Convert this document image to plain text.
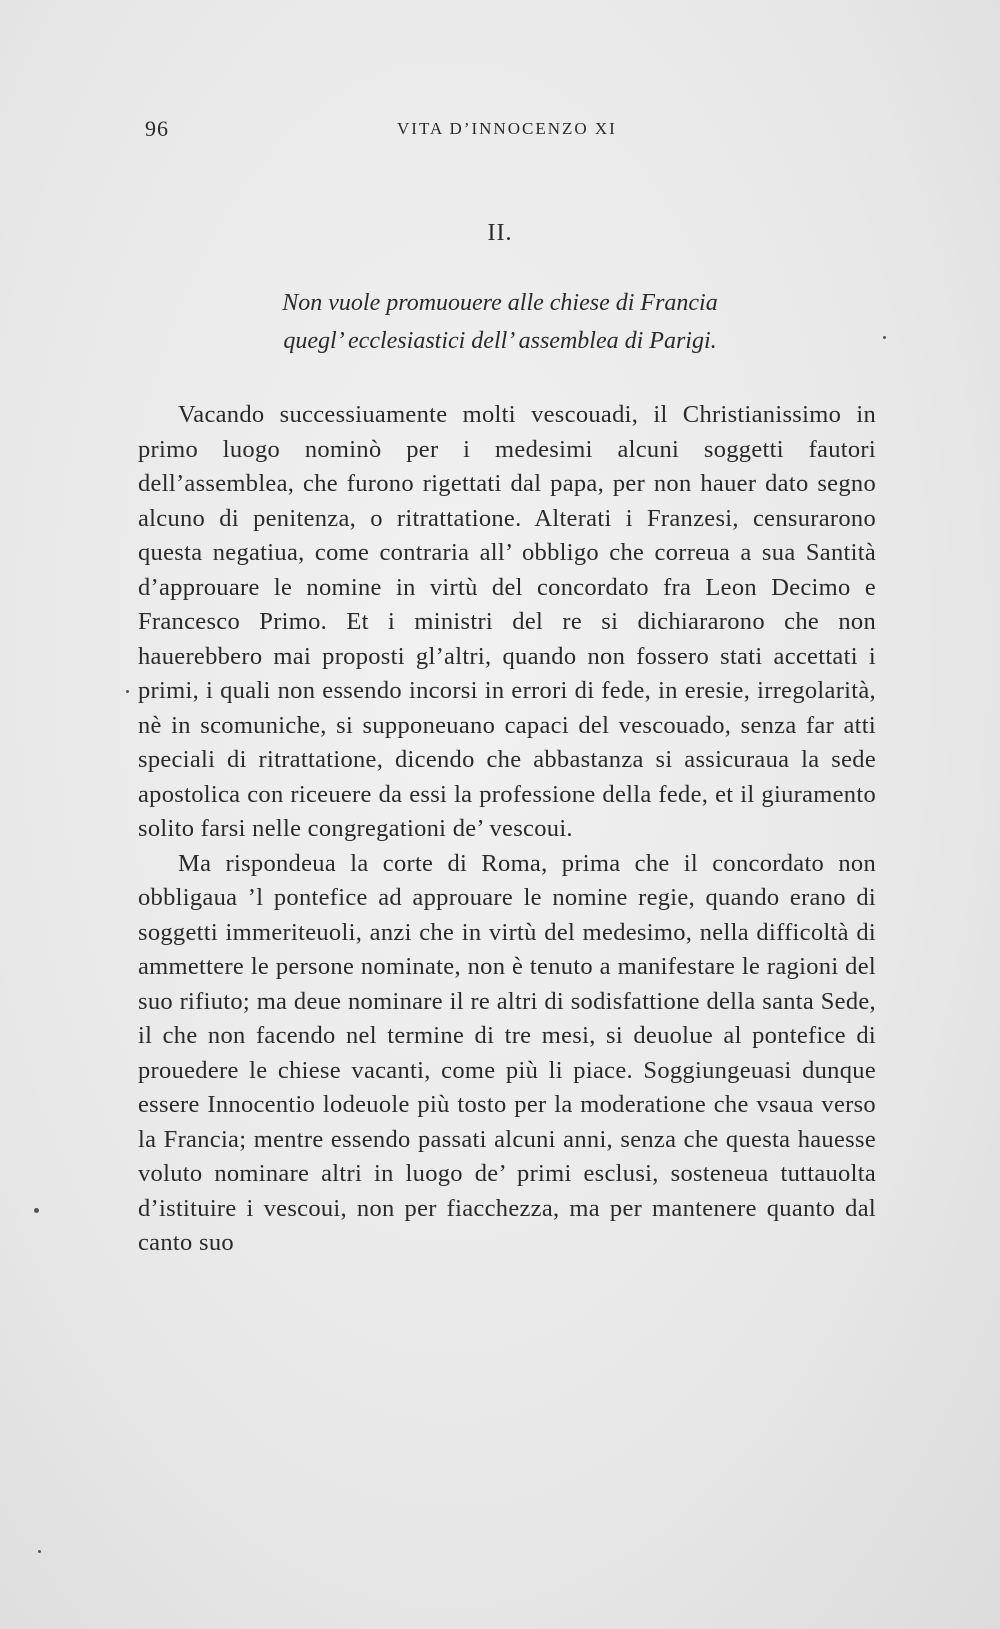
96	VITA D’INNOCENZO XI
II.
Non vuole promuouere alle chiese di Francia
quegl’ ecclesiastici dell’ assemblea di Parigi.

Vacando successiuamente molti vescouadi, il Christianissimo in primo luogo nominò per i medesimi alcuni soggetti fautori dell’assemblea, che furono rigettati dal papa, per non hauer dato segno alcuno di penitenza, o ritrattatione. Alterati i Franzesi, censurarono questa negatiua, come contraria all’ obbligo che correua a sua Santità d’approuare le nomine in virtù del concordato fra Leon Decimo e Francesco Primo. Et i ministri del re si dichiararono che non hauerebbero mai proposti gl’altri, quando non fossero stati accettati i primi, i quali non essendo incorsi in errori di fede, in eresie, irregolarità, nè in scomuniche, si supponeuano capaci del vescouado, senza far atti speciali di ritrattatione, dicendo che abbastanza si assicuraua la sede apostolica con riceuere da essi la professione della fede, et il giuramento solito farsi nelle congregationi de’ vescoui.

Ma rispondeua la corte di Roma, prima che il concordato non obbligaua ’l pontefice ad approuare le nomine regie, quando erano di soggetti immeriteuoli, anzi che in virtù del medesimo, nella difficoltà di ammettere le persone nominate, non è tenuto a manifestare le ragioni del suo rifiuto; ma deue nominare il re altri di sodisfattione della santa Sede, il che non facendo nel termine di tre mesi, si deuolue al pontefice di prouedere le chiese vacanti, come più li piace. Soggiungeuasi dunque essere Innocentio lodeuole più tosto per la moderatione che vsaua verso la Francia; mentre essendo passati alcuni anni, senza che questa hauesse voluto nominare altri in luogo de’ primi esclusi, sosteneua tuttauolta d’istituire i vescoui, non per fiacchezza, ma per mantenere quanto dal canto suo
